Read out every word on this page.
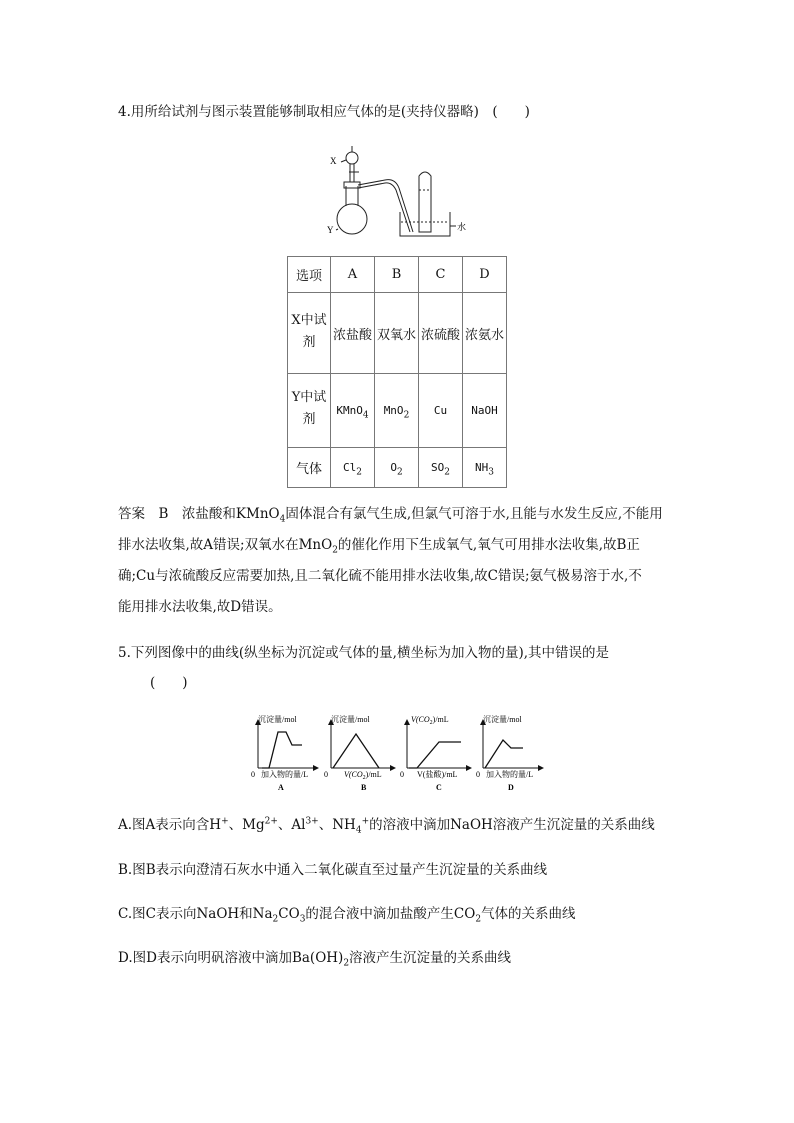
4.用所给试剂与图示装置能够制取相应气体的是(夹持仪器略)　(　　)
X
Y	水
选项	A	B	C	D
X中试
剂	浓盐酸	双氧水	浓硫酸	浓氨水
Y中试
剂	KMnO$_4$	MnO$_2$	Cu	NaOH
气体	$Cl_2$	$O_2$	$SO_2$	$NH_3$
答案　B　浓盐酸和KMnO$_4$固体混合有氯气生成,但氯气可溶于水,且能与水发生反应,不能用
排水法收集,故A错误;双氧水在MnO$_2$的催化作用下生成氧气,氧气可用排水法收集,故B正
确;Cu与浓硫酸反应需要加热,且二氧化硫不能用排水法收集,故C错误;氨气极易溶于水,不
能用排水法收集,故D错误。
5.下列图像中的曲线(纵坐标为沉淀或气体的量,横坐标为加入物的量),其中错误的是
(　　)
沉淀量/mol
0 加入物的量/L
A
沉淀量/mol
0 $V(CO_2)/mL$
B
$V(CO_2)/mL$
0 V(盐酸)/mL
C
沉淀量/mol
0 加入物的量/L
D
A.图A表示向含H+、$Mg^{2+}$、$Al^{3+}$、$NH_4^+$的溶液中滴加NaOH溶液产生沉淀量的关系曲线
B.图B表示向澄清石灰水中通入二氧化碳直至过量产生沉淀量的关系曲线
C.图C表示向NaOH和$Na_2CO_3$的混合液中滴加盐酸产生$CO_2$气体的关系曲线
D.图D表示向明矾溶液中滴加$Ba(OH)_2$溶液产生沉淀量的关系曲线
